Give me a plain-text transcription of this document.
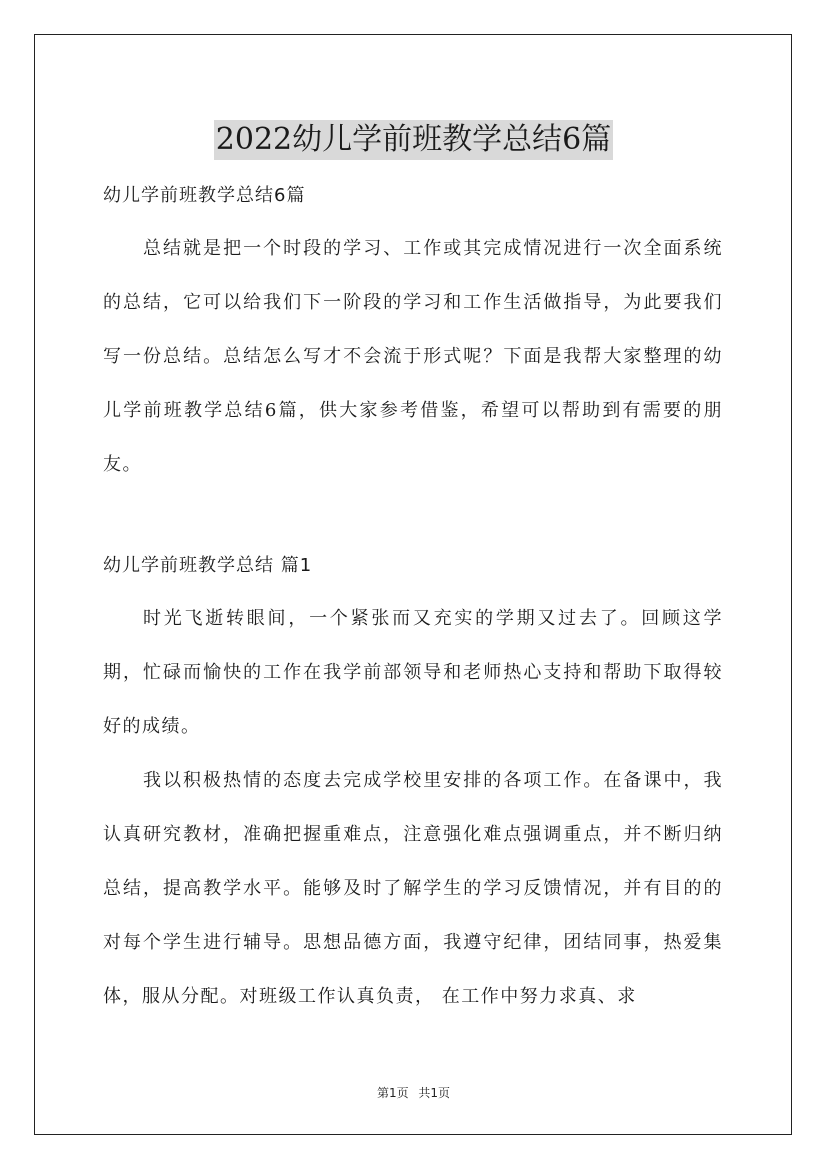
2022幼儿学前班教学总结6篇

幼儿学前班教学总结6篇

总结就是把一个时段的学习、工作或其完成情况进行一次全面系统的总结，它可以给我们下一阶段的学习和工作生活做指导，为此要我们写一份总结。总结怎么写才不会流于形式呢？下面是我帮大家整理的幼儿学前班教学总结6篇，供大家参考借鉴，希望可以帮助到有需要的朋友。

幼儿学前班教学总结 篇1

时光飞逝转眼间，一个紧张而又充实的学期又过去了。回顾这学期，忙碌而愉快的工作在我学前部领导和老师热心支持和帮助下取得较好的成绩。

我以积极热情的态度去完成学校里安排的各项工作。在备课中，我认真研究教材，准确把握重难点，注意强化难点强调重点，并不断归纳总结，提高教学水平。能够及时了解学生的学习反馈情况，并有目的的对每个学生进行辅导。思想品德方面，我遵守纪律，团结同事，热爱集体，服从分配。对班级工作认真负责， 在工作中努力求真、求

第1页 共1页
